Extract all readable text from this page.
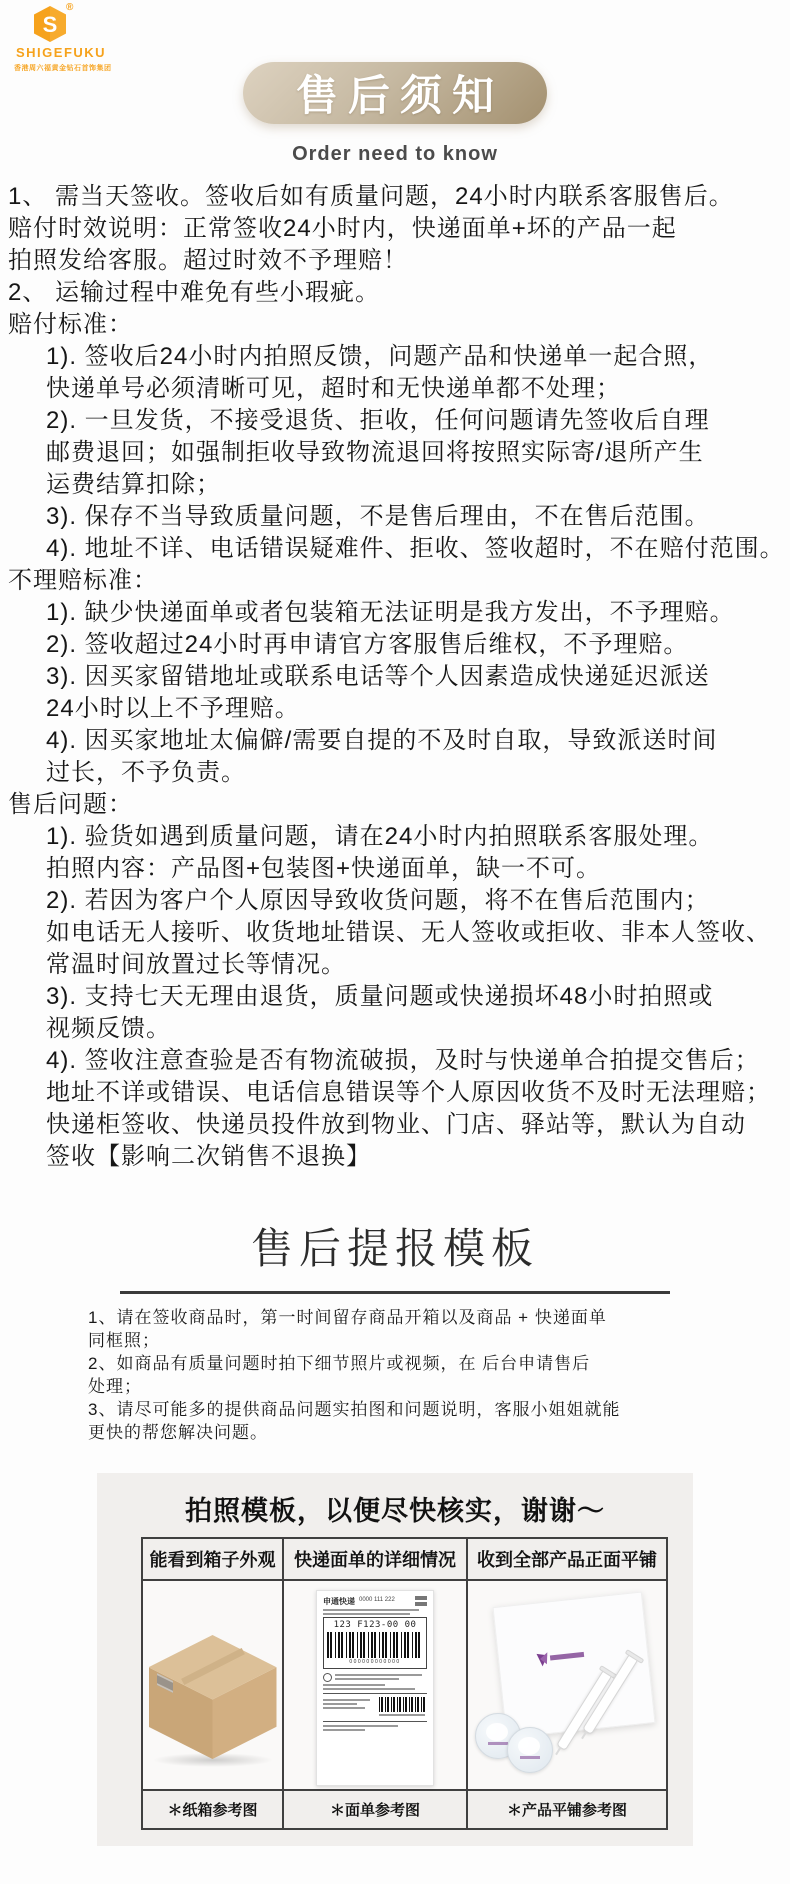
S
®
SHIGEFUKU
香港周六福黄金钻石首饰集团
售后须知
Order need to know
1、 需当天签收。签收后如有质量问题，24小时内联系客服售后。
赔付时效说明：正常签收24小时内，快递面单+坏的产品一起
拍照发给客服。超过时效不予理赔！
2、 运输过程中难免有些小瑕疵。
赔付标准：
1). 签收后24小时内拍照反馈，问题产品和快递单一起合照，
快递单号必须清晰可见，超时和无快递单都不处理；
2). 一旦发货，不接受退货、拒收，任何问题请先签收后自理
邮费退回；如强制拒收导致物流退回将按照实际寄/退所产生
运费结算扣除；
3). 保存不当导致质量问题，不是售后理由，不在售后范围。
4). 地址不详、电话错误疑难件、拒收、签收超时，不在赔付范围。
不理赔标准：
1). 缺少快递面单或者包装箱无法证明是我方发出，不予理赔。
2). 签收超过24小时再申请官方客服售后维权，不予理赔。
3). 因买家留错地址或联系电话等个人因素造成快递延迟派送
24小时以上不予理赔。
4). 因买家地址太偏僻/需要自提的不及时自取，导致派送时间
过长，不予负责。
售后问题：
1). 验货如遇到质量问题，请在24小时内拍照联系客服处理。
拍照内容：产品图+包装图+快递面单，缺一不可。
2). 若因为客户个人原因导致收货问题，将不在售后范围内；
如电话无人接听、收货地址错误、无人签收或拒收、非本人签收、
常温时间放置过长等情况。
3). 支持七天无理由退货，质量问题或快递损坏48小时拍照或
视频反馈。
4). 签收注意查验是否有物流破损，及时与快递单合拍提交售后；
地址不详或错误、电话信息错误等个人原因收货不及时无法理赔；
快递柜签收、快递员投件放到物业、门店、驿站等，默认为自动
签收【影响二次销售不退换】
售后提报模板
1、请在签收商品时，第一时间留存商品开箱以及商品 + 快递面单
同框照；
2、如商品有质量问题时拍下细节照片或视频，在 后台申请售后
处理；
3、请尽可能多的提供商品问题实拍图和问题说明，客服小姐姐就能
更快的帮您解决问题。
拍照模板，以便尽快核实，谢谢～
能看到箱子外观	快递面单的详细情况	收到全部产品正面平铺

	申通快递 0000 111 222
123 F123-00 00
000000000000	

＊纸箱参考图	＊面单参考图	＊产品平铺参考图
